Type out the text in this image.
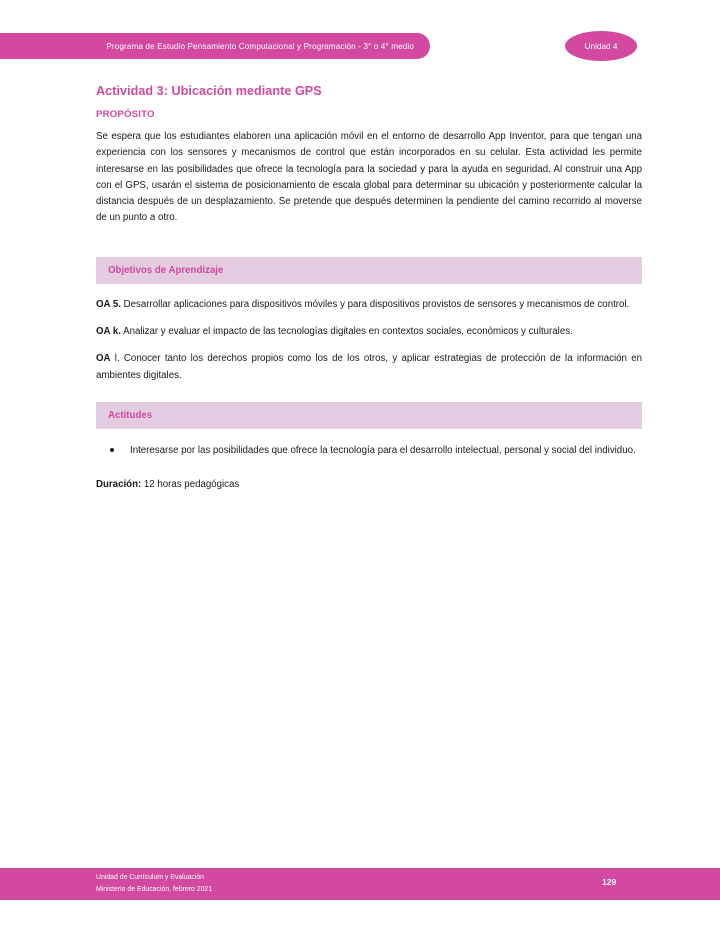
Programa de Estudio Pensamiento Computacional y Programación - 3° o 4° medio	Unidad 4
Actividad 3: Ubicación mediante GPS
PROPÓSITO

Se espera que los estudiantes elaboren una aplicación móvil en el entorno de desarrollo App Inventor, para que tengan una experiencia con los sensores y mecanismos de control que están incorporados en su celular. Esta actividad les permite interesarse en las posibilidades que ofrece la tecnología para la sociedad y para la ayuda en seguridad. Al construir una App con el GPS, usarán el sistema de posicionamiento de escala global para determinar su ubicación y posteriormente calcular la distancia después de un desplazamiento. Se pretende que después determinen la pendiente del camino recorrido al moverse de un punto a otro.

Objetivos de Aprendizaje

OA 5. Desarrollar aplicaciones para dispositivos móviles y para dispositivos provistos de sensores y mecanismos de control.

OA k. Analizar y evaluar el impacto de las tecnologías digitales en contextos sociales, económicos y culturales.

OA l. Conocer tanto los derechos propios como los de los otros, y aplicar estrategias de protección de la información en ambientes digitales.

Actitudes
Interesarse por las posibilidades que ofrece la tecnología para el desarrollo intelectual, personal y social del individuo.
Duración: 12 horas pedagógicas
Unidad de Currículum y Evaluación
Ministerio de Educación, febrero 2021
129
